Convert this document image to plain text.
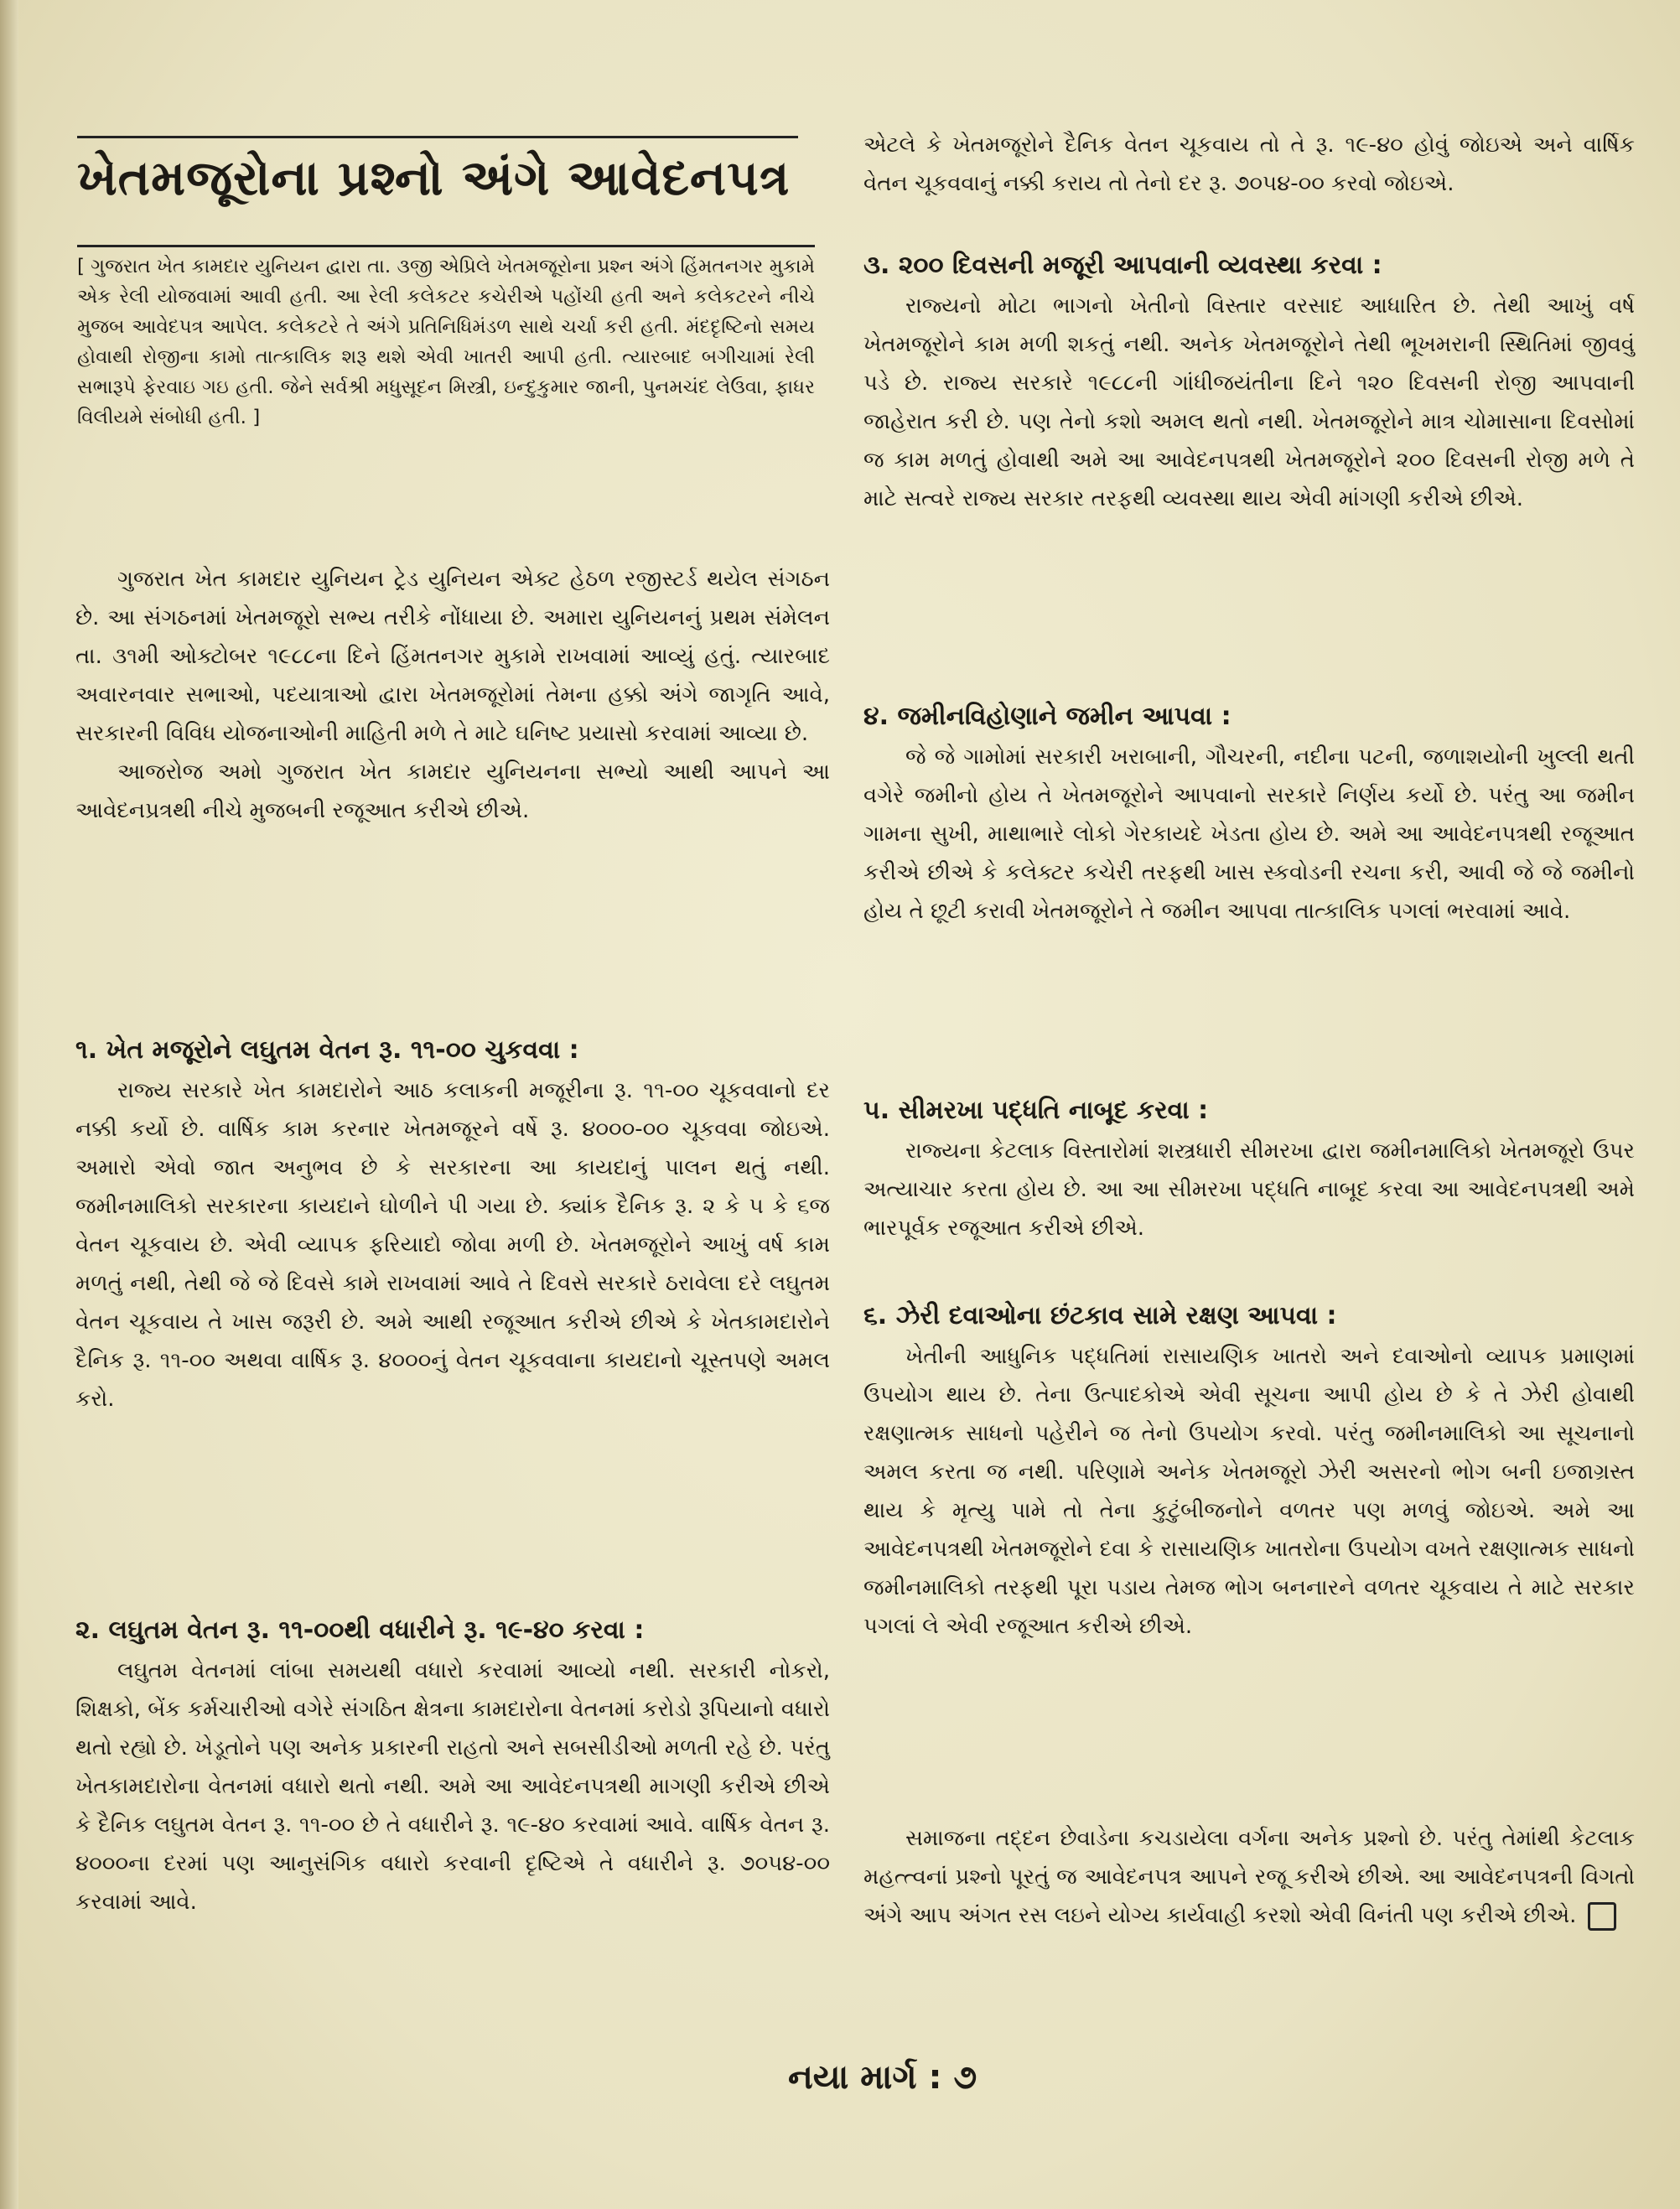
ખેતમજૂરોના પ્રશ્નો અંગે આવેદનપત્ર
[ ગુજરાત ખેત કામદાર યુનિયન દ્વારા તા. ૩જી એપ્રિલે ખેતમજૂરોના પ્રશ્ન અંગે હિંમતનગર મુકામે એક રેલી યોજવામાં આવી હતી. આ રેલી કલેકટર કચેરીએ પહોંચી હતી અને કલેકટરને નીચે મુજબ આવેદપત્ર આપેલ. કલેકટરે તે અંગે પ્રતિનિધિમંડળ સાથે ચર્ચા કરી હતી. મંદદૃષ્ટિનો સમય હોવાથી રોજીના કામો તાત્કાલિક શરૂ થશે એવી ખાતરી આપી હતી. ત્યારબાદ બગીચામાં રેલી સભારૂપે ફેરવાઇ ગઇ હતી. જેને સર્વશ્રી મધુસૂદન મિસ્ત્રી, ઇન્દુકુમાર જાની, પુનમચંદ લેઉવા, ફાધર વિલીયમે સંબોધી હતી. ]

ગુજરાત ખેત કામદાર યુનિયન ટ્રેડ યુનિયન એક્ટ હેઠળ રજીસ્ટર્ડ થયેલ સંગઠન છે. આ સંગઠનમાં ખેતમજૂરો સભ્ય તરીકે નોંધાયા છે. અમારા યુનિયનનું પ્રથમ સંમેલન તા. ૩૧મી ઓક્ટોબર ૧૯૮૮ના દિને હિંમતનગર મુકામે રાખવામાં આવ્યું હતું. ત્યારબાદ અવારનવાર સભાઓ, પદયાત્રાઓ દ્વારા ખેતમજૂરોમાં તેમના હક્કો અંગે જાગૃતિ આવે, સરકારની વિવિધ યોજનાઓની માહિતી મળે તે માટે ઘનિષ્ટ પ્રયાસો કરવામાં આવ્યા છે.

આજરોજ અમો ગુજરાત ખેત કામદાર યુનિયનના સભ્યો આથી આપને આ આવેદનપ્રત્રથી નીચે મુજબની રજૂઆત કરીએ છીએ.

૧. ખેત મજૂરોને લઘુતમ વેતન રૂ. ૧૧-૦૦ ચુકવવા :

રાજ્ય સરકારે ખેત કામદારોને આઠ કલાકની મજૂરીના રૂ. ૧૧-૦૦ ચૂકવવાનો દર નક્કી કર્યો છે. વાર્ષિક કામ કરનાર ખેતમજૂરને વર્ષે રૂ. ૪૦૦૦-૦૦ ચૂકવવા જોઇએ. અમારો એવો જાત અનુભવ છે કે સરકારના આ કાયદાનું પાલન થતું નથી. જમીનમાલિકો સરકારના કાયદાને ઘોળીને પી ગયા છે. ક્યાંક દૈનિક રૂ. ૨ કે ૫ કે ૬જ વેતન ચૂકવાય છે. એવી વ્યાપક ફરિયાદો જોવા મળી છે. ખેતમજૂરોને આખું વર્ષ કામ મળતું નથી, તેથી જે જે દિવસે કામે રાખવામાં આવે તે દિવસે સરકારે ઠરાવેલા દરે લઘુતમ વેતન ચૂકવાય તે ખાસ જરૂરી છે. અમે આથી રજૂઆત કરીએ છીએ કે ખેતકામદારોને દૈનિક રૂ. ૧૧-૦૦ અથવા વાર્ષિક રૂ. ૪૦૦૦નું વેતન ચૂકવવાના કાયદાનો ચૂસ્તપણે અમલ કરો.

૨. લઘુતમ વેતન રૂ. ૧૧-૦૦થી વધારીને રૂ. ૧૯-૪૦ કરવા :

લઘુતમ વેતનમાં લાંબા સમયથી વધારો કરવામાં આવ્યો નથી. સરકારી નોકરો, શિક્ષકો, બેંક કર્મચારીઓ વગેરે સંગઠિત ક્ષેત્રના કામદારોના વેતનમાં કરોડો રૂપિયાનો વધારો થતો રહ્યો છે. ખેડૂતોને પણ અનેક પ્રકારની રાહતો અને સબસીડીઓ મળતી રહે છે. પરંતુ ખેતકામદારોના વેતનમાં વધારો થતો નથી. અમે આ આવેદનપત્રથી માગણી કરીએ છીએ કે દૈનિક લઘુતમ વેતન રૂ. ૧૧-૦૦ છે તે વધારીને રૂ. ૧૯-૪૦ કરવામાં આવે. વાર્ષિક વેતન રૂ. ૪૦૦૦ના દરમાં પણ આનુસંગિક વધારો કરવાની દૃષ્ટિએ તે વધારીને રૂ. ૭૦૫૪-૦૦ કરવામાં આવે.

એટલે કે ખેતમજૂરોને દૈનિક વેતન ચૂકવાય તો તે રૂ. ૧૯-૪૦ હોવું જોઇએ અને વાર્ષિક વેતન ચૂકવવાનું નક્કી કરાય તો તેનો દર રૂ. ૭૦૫૪-૦૦ કરવો જોઇએ.

૩. ૨૦૦ દિવસની મજૂરી આપવાની વ્યવસ્થા કરવા :

રાજ્યનો મોટા ભાગનો ખેતીનો વિસ્તાર વરસાદ આધારિત છે. તેથી આખું વર્ષ ખેતમજૂરોને કામ મળી શકતું નથી. અનેક ખેતમજૂરોને તેથી ભૂખમરાની સ્થિતિમાં જીવવું પડે છે. રાજ્ય સરકારે ૧૯૮૮ની ગાંધીજયંતીના દિને ૧૨૦ દિવસની રોજી આપવાની જાહેરાત કરી છે. પણ તેનો કશો અમલ થતો નથી. ખેતમજૂરોને માત્ર ચોમાસાના દિવસોમાં જ કામ મળતું હોવાથી અમે આ આવેદનપત્રથી ખેતમજૂરોને ૨૦૦ દિવસની રોજી મળે તે માટે સત્વરે રાજ્ય સરકાર તરફથી વ્યવસ્થા થાય એવી માંગણી કરીએ છીએ.

૪. જમીનવિહોણાને જમીન આપવા :

જે જે ગામોમાં સરકારી ખરાબાની, ગૌચરની, નદીના પટની, જળાશયોની ખુલ્લી થતી વગેરે જમીનો હોય તે ખેતમજૂરોને આપવાનો સરકારે નિર્ણય કર્યો છે. પરંતુ આ જમીન ગામના સુખી, માથાભારે લોકો ગેરકાયદે ખેડતા હોય છે. અમે આ આવેદનપત્રથી રજૂઆત કરીએ છીએ કે કલેક્ટર કચેરી તરફથી ખાસ સ્કવોડની રચના કરી, આવી જે જે જમીનો હોય તે છૂટી કરાવી ખેતમજૂરોને તે જમીન આપવા તાત્કાલિક પગલાં ભરવામાં આવે.

૫. સીમરખા પદ્ધતિ નાબૂદ કરવા :

રાજ્યના કેટલાક વિસ્તારોમાં શસ્ત્રધારી સીમરખા દ્વારા જમીનમાલિકો ખેતમજૂરો ઉપર અત્યાચાર કરતા હોય છે. આ આ સીમરખા પદ્ધતિ નાબૂદ કરવા આ આવેદનપત્રથી અમે ભારપૂર્વક રજૂઆત કરીએ છીએ.

૬. ઝેરી દવાઓના છંટકાવ સામે રક્ષણ આપવા :

ખેતીની આધુનિક પદ્ધતિમાં રાસાયણિક ખાતરો અને દવાઓનો વ્યાપક પ્રમાણમાં ઉપયોગ થાય છે. તેના ઉત્પાદકોએ એવી સૂચના આપી હોય છે કે તે ઝેરી હોવાથી રક્ષણાત્મક સાધનો પહેરીને જ તેનો ઉપયોગ કરવો. પરંતુ જમીનમાલિકો આ સૂચનાનો અમલ કરતા જ નથી. પરિણામે અનેક ખેતમજૂરો ઝેરી અસરનો ભોગ બની ઇજાગ્રસ્ત થાય કે મૃત્યુ પામે તો તેના કુટુંબીજનોને વળતર પણ મળવું જોઇએ. અમે આ આવેદનપત્રથી ખેતમજૂરોને દવા કે રાસાયણિક ખાતરોના ઉપયોગ વખતે રક્ષણાત્મક સાધનો જમીનમાલિકો તરફથી પૂરા પડાય તેમજ ભોગ બનનારને વળતર ચૂકવાય તે માટે સરકાર પગલાં લે એવી રજૂઆત કરીએ છીએ.

સમાજના તદ્દન છેવાડેના કચડાયેલા વર્ગના અનેક પ્રશ્નો છે. પરંતુ તેમાંથી કેટલાક મહત્ત્વનાં પ્રશ્નો પૂરતું જ આવેદનપત્ર આપને રજૂ કરીએ છીએ. આ આવેદનપત્રની વિગતો અંગે આપ અંગત રસ લઇને યોગ્ય કાર્યવાહી કરશો એવી વિનંતી પણ કરીએ છીએ.

નયા માર્ગ : ૭
